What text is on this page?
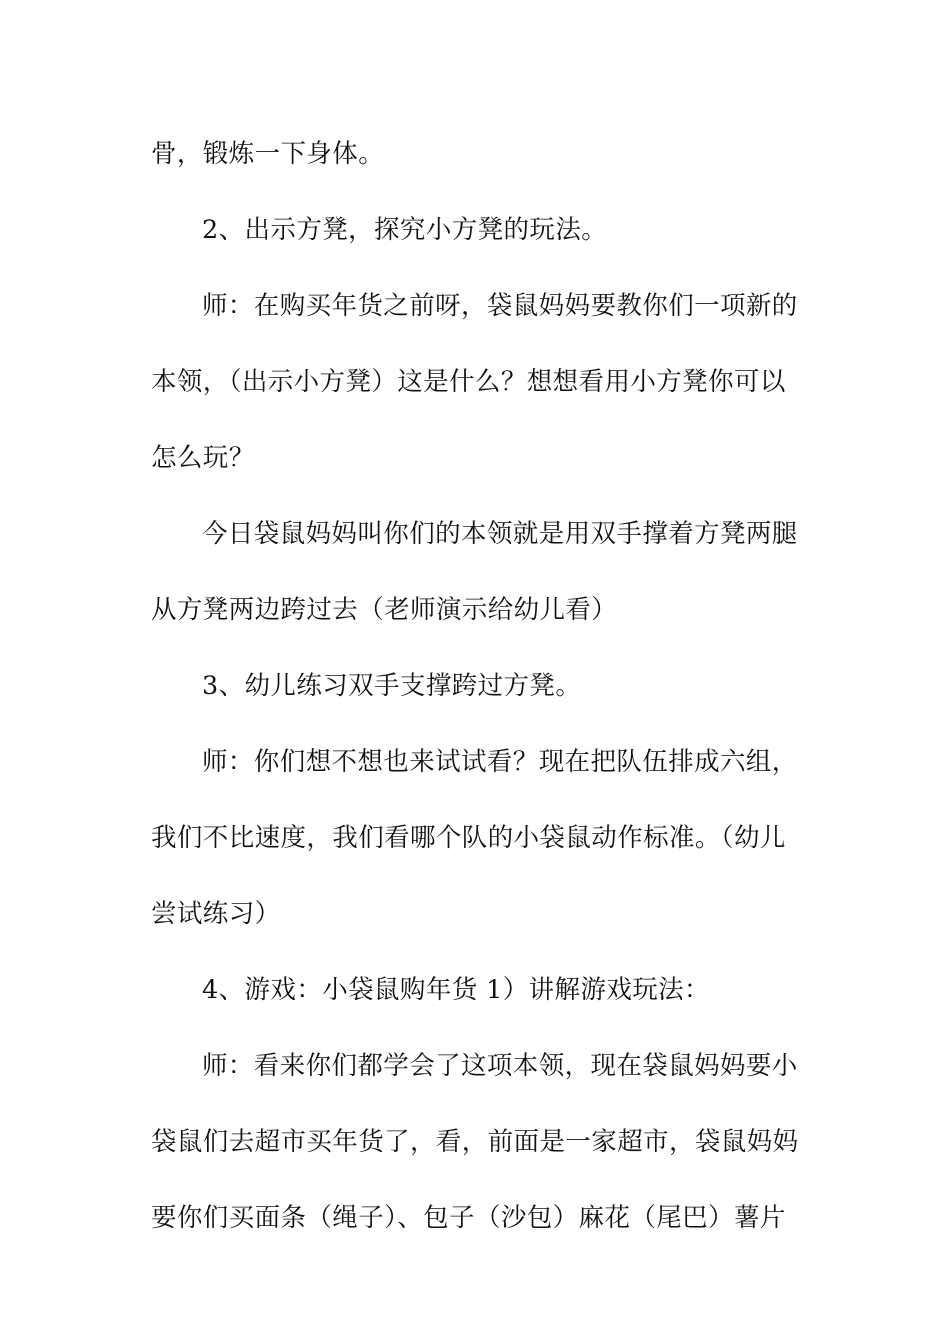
骨，锻炼一下身体。
2、出示方凳，探究小方凳的玩法。
师：在购买年货之前呀，袋鼠妈妈要教你们一项新的
本领，（出示小方凳）这是什么？想想看用小方凳你可以
怎么玩？
今日袋鼠妈妈叫你们的本领就是用双手撑着方凳两腿
从方凳两边跨过去（老师演示给幼儿看）
3、幼儿练习双手支撑跨过方凳。
师：你们想不想也来试试看？现在把队伍排成六组，
我们不比速度，我们看哪个队的小袋鼠动作标准。（幼儿
尝试练习）
4、游戏：小袋鼠购年货 1）讲解游戏玩法：
师：看来你们都学会了这项本领，现在袋鼠妈妈要小
袋鼠们去超市买年货了，看，前面是一家超市，袋鼠妈妈
要你们买面条（绳子）、包子（沙包）麻花（尾巴）薯片
